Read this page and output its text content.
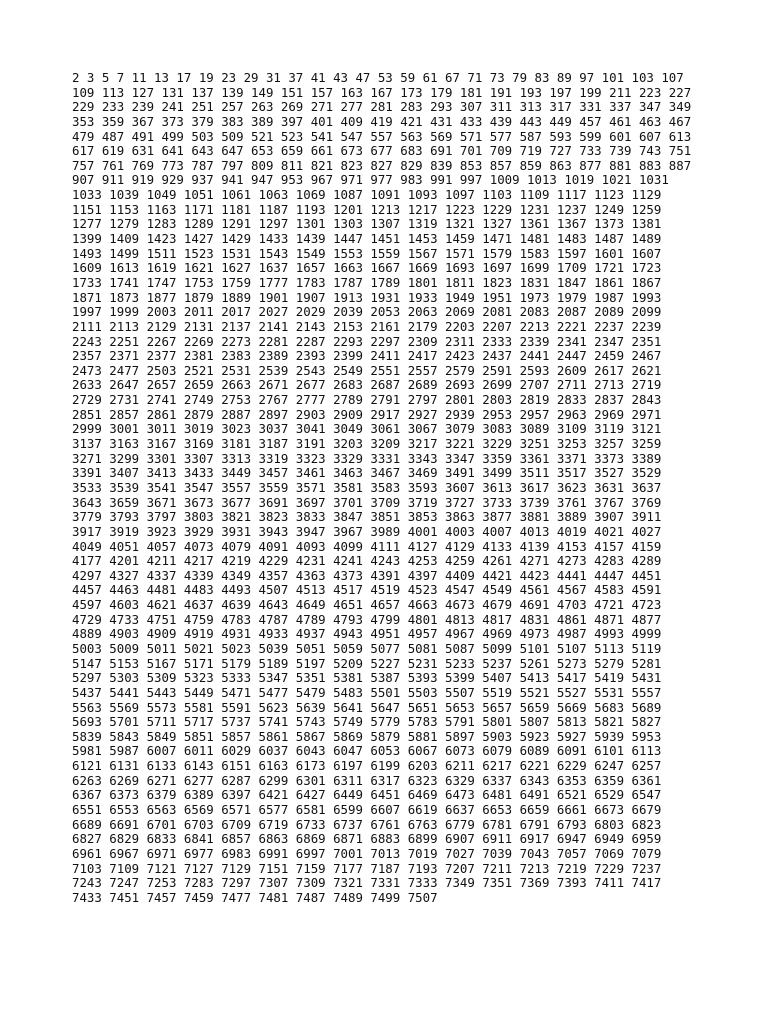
2 3 5 7 11 13 17 19 23 29 31 37 41 43 47 53 59 61 67 71 73 79 83 89 97 101 103 107
109 113 127 131 137 139 149 151 157 163 167 173 179 181 191 193 197 199 211 223 227
229 233 239 241 251 257 263 269 271 277 281 283 293 307 311 313 317 331 337 347 349
353 359 367 373 379 383 389 397 401 409 419 421 431 433 439 443 449 457 461 463 467
479 487 491 499 503 509 521 523 541 547 557 563 569 571 577 587 593 599 601 607 613
617 619 631 641 643 647 653 659 661 673 677 683 691 701 709 719 727 733 739 743 751
757 761 769 773 787 797 809 811 821 823 827 829 839 853 857 859 863 877 881 883 887
907 911 919 929 937 941 947 953 967 971 977 983 991 997 1009 1013 1019 1021 1031
1033 1039 1049 1051 1061 1063 1069 1087 1091 1093 1097 1103 1109 1117 1123 1129
1151 1153 1163 1171 1181 1187 1193 1201 1213 1217 1223 1229 1231 1237 1249 1259
1277 1279 1283 1289 1291 1297 1301 1303 1307 1319 1321 1327 1361 1367 1373 1381
1399 1409 1423 1427 1429 1433 1439 1447 1451 1453 1459 1471 1481 1483 1487 1489
1493 1499 1511 1523 1531 1543 1549 1553 1559 1567 1571 1579 1583 1597 1601 1607
1609 1613 1619 1621 1627 1637 1657 1663 1667 1669 1693 1697 1699 1709 1721 1723
1733 1741 1747 1753 1759 1777 1783 1787 1789 1801 1811 1823 1831 1847 1861 1867
1871 1873 1877 1879 1889 1901 1907 1913 1931 1933 1949 1951 1973 1979 1987 1993
1997 1999 2003 2011 2017 2027 2029 2039 2053 2063 2069 2081 2083 2087 2089 2099
2111 2113 2129 2131 2137 2141 2143 2153 2161 2179 2203 2207 2213 2221 2237 2239
2243 2251 2267 2269 2273 2281 2287 2293 2297 2309 2311 2333 2339 2341 2347 2351
2357 2371 2377 2381 2383 2389 2393 2399 2411 2417 2423 2437 2441 2447 2459 2467
2473 2477 2503 2521 2531 2539 2543 2549 2551 2557 2579 2591 2593 2609 2617 2621
2633 2647 2657 2659 2663 2671 2677 2683 2687 2689 2693 2699 2707 2711 2713 2719
2729 2731 2741 2749 2753 2767 2777 2789 2791 2797 2801 2803 2819 2833 2837 2843
2851 2857 2861 2879 2887 2897 2903 2909 2917 2927 2939 2953 2957 2963 2969 2971
2999 3001 3011 3019 3023 3037 3041 3049 3061 3067 3079 3083 3089 3109 3119 3121
3137 3163 3167 3169 3181 3187 3191 3203 3209 3217 3221 3229 3251 3253 3257 3259
3271 3299 3301 3307 3313 3319 3323 3329 3331 3343 3347 3359 3361 3371 3373 3389
3391 3407 3413 3433 3449 3457 3461 3463 3467 3469 3491 3499 3511 3517 3527 3529
3533 3539 3541 3547 3557 3559 3571 3581 3583 3593 3607 3613 3617 3623 3631 3637
3643 3659 3671 3673 3677 3691 3697 3701 3709 3719 3727 3733 3739 3761 3767 3769
3779 3793 3797 3803 3821 3823 3833 3847 3851 3853 3863 3877 3881 3889 3907 3911
3917 3919 3923 3929 3931 3943 3947 3967 3989 4001 4003 4007 4013 4019 4021 4027
4049 4051 4057 4073 4079 4091 4093 4099 4111 4127 4129 4133 4139 4153 4157 4159
4177 4201 4211 4217 4219 4229 4231 4241 4243 4253 4259 4261 4271 4273 4283 4289
4297 4327 4337 4339 4349 4357 4363 4373 4391 4397 4409 4421 4423 4441 4447 4451
4457 4463 4481 4483 4493 4507 4513 4517 4519 4523 4547 4549 4561 4567 4583 4591
4597 4603 4621 4637 4639 4643 4649 4651 4657 4663 4673 4679 4691 4703 4721 4723
4729 4733 4751 4759 4783 4787 4789 4793 4799 4801 4813 4817 4831 4861 4871 4877
4889 4903 4909 4919 4931 4933 4937 4943 4951 4957 4967 4969 4973 4987 4993 4999
5003 5009 5011 5021 5023 5039 5051 5059 5077 5081 5087 5099 5101 5107 5113 5119
5147 5153 5167 5171 5179 5189 5197 5209 5227 5231 5233 5237 5261 5273 5279 5281
5297 5303 5309 5323 5333 5347 5351 5381 5387 5393 5399 5407 5413 5417 5419 5431
5437 5441 5443 5449 5471 5477 5479 5483 5501 5503 5507 5519 5521 5527 5531 5557
5563 5569 5573 5581 5591 5623 5639 5641 5647 5651 5653 5657 5659 5669 5683 5689
5693 5701 5711 5717 5737 5741 5743 5749 5779 5783 5791 5801 5807 5813 5821 5827
5839 5843 5849 5851 5857 5861 5867 5869 5879 5881 5897 5903 5923 5927 5939 5953
5981 5987 6007 6011 6029 6037 6043 6047 6053 6067 6073 6079 6089 6091 6101 6113
6121 6131 6133 6143 6151 6163 6173 6197 6199 6203 6211 6217 6221 6229 6247 6257
6263 6269 6271 6277 6287 6299 6301 6311 6317 6323 6329 6337 6343 6353 6359 6361
6367 6373 6379 6389 6397 6421 6427 6449 6451 6469 6473 6481 6491 6521 6529 6547
6551 6553 6563 6569 6571 6577 6581 6599 6607 6619 6637 6653 6659 6661 6673 6679
6689 6691 6701 6703 6709 6719 6733 6737 6761 6763 6779 6781 6791 6793 6803 6823
6827 6829 6833 6841 6857 6863 6869 6871 6883 6899 6907 6911 6917 6947 6949 6959
6961 6967 6971 6977 6983 6991 6997 7001 7013 7019 7027 7039 7043 7057 7069 7079
7103 7109 7121 7127 7129 7151 7159 7177 7187 7193 7207 7211 7213 7219 7229 7237
7243 7247 7253 7283 7297 7307 7309 7321 7331 7333 7349 7351 7369 7393 7411 7417
7433 7451 7457 7459 7477 7481 7487 7489 7499 7507
